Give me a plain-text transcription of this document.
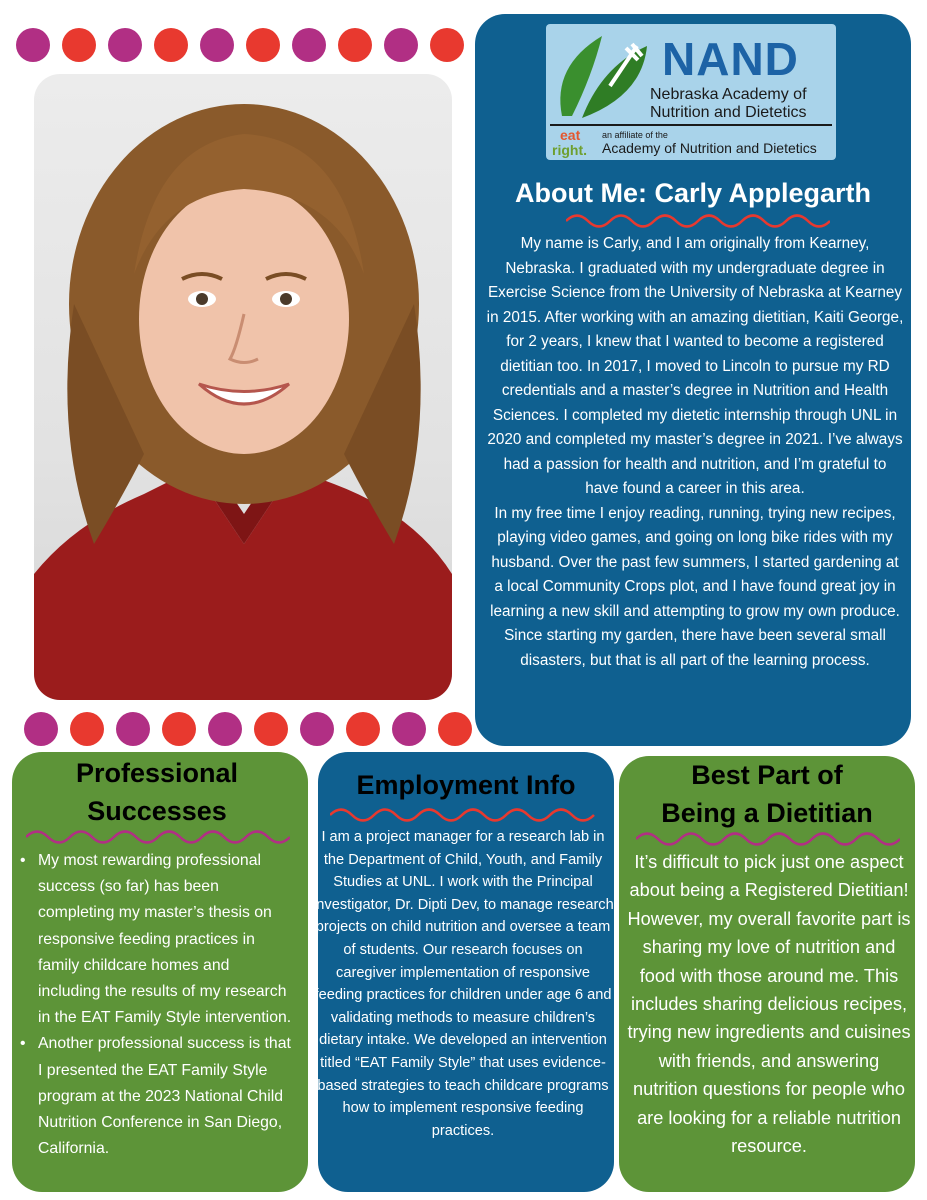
NAND
Nebraska Academy of
Nutrition and Dietetics
eat
right.
an affiliate of the
Academy of Nutrition and Dietetics
About Me: Carly Applegarth

My name is Carly, and I am originally from Kearney, Nebraska. I graduated with my undergraduate degree in Exercise Science from the University of Nebraska at Kearney in 2015. After working with an amazing dietitian, Kaiti George, for 2 years, I knew that I wanted to become a registered dietitian too. In 2017, I moved to Lincoln to pursue my RD credentials and a master’s degree in Nutrition and Health Sciences. I completed my dietetic internship through UNL in 2020 and completed my master’s degree in 2021. I’ve always had a passion for health and nutrition, and I’m grateful to have found a career in this area.

In my free time I enjoy reading, running, trying new recipes, playing video games, and going on long bike rides with my husband. Over the past few summers, I started gardening at a local Community Crops plot, and I have found great joy in learning a new skill and attempting to grow my own produce. Since starting my garden, there have been several small disasters, but that is all part of the learning process.

Professional
Successes
• My most rewarding professional success (so far) has been completing my master’s thesis on responsive feeding practices in family childcare homes and including the results of my research in the EAT Family Style intervention.
• Another professional success is that I presented the EAT Family Style program at the 2023 National Child Nutrition Conference in San Diego, California.
Employment Info
I am a project manager for a research lab in the Department of Child, Youth, and Family Studies at UNL. I work with the Principal Investigator, Dr. Dipti Dev, to manage research projects on child nutrition and oversee a team of students. Our research focuses on caregiver implementation of responsive feeding practices for children under age 6 and validating methods to measure children’s dietary intake. We developed an intervention titled “EAT Family Style” that uses evidence-based strategies to teach childcare programs how to implement responsive feeding practices.
Best Part of
Being a Dietitian
It’s difficult to pick just one aspect about being a Registered Dietitian! However, my overall favorite part is sharing my love of nutrition and food with those around me. This includes sharing delicious recipes, trying new ingredients and cuisines with friends, and answering nutrition questions for people who are looking for a reliable nutrition resource.
